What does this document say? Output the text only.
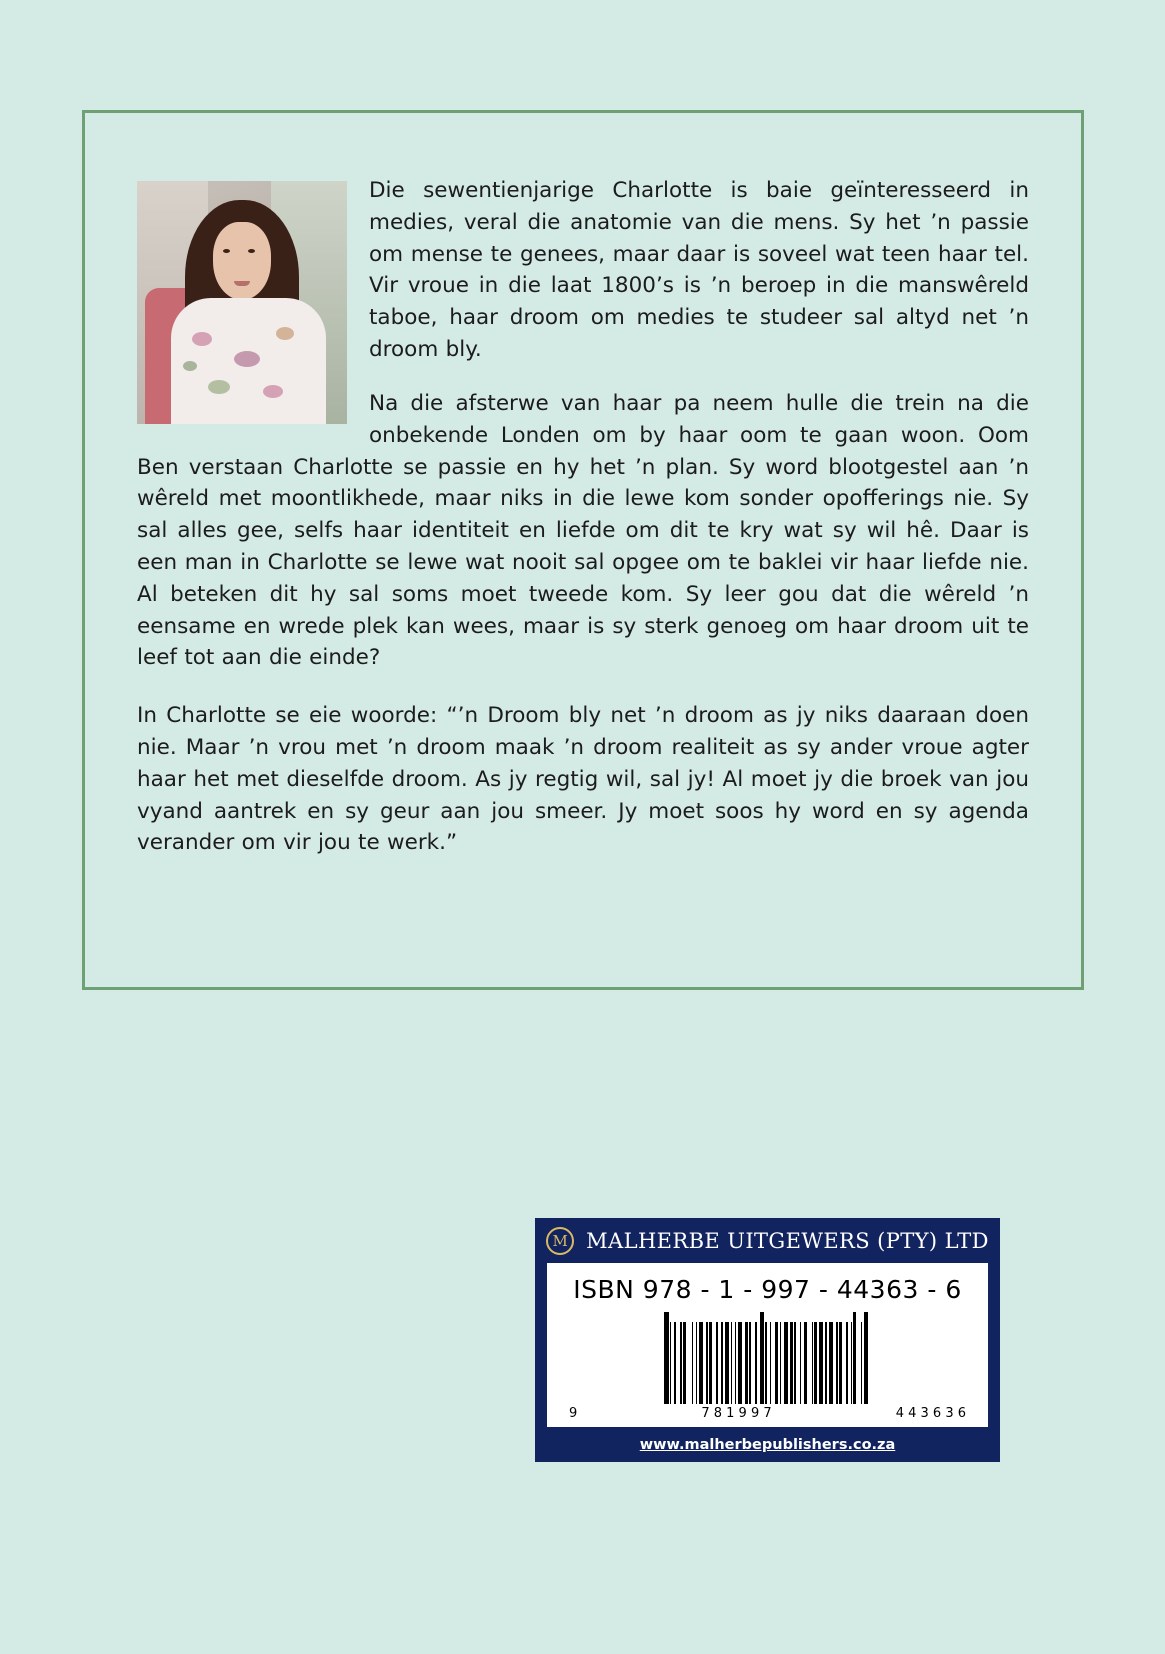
Die sewentienjarige Charlotte is baie geïnteresseerd in medies, veral die anatomie van die mens. Sy het ’n passie om mense te genees, maar daar is soveel wat teen haar tel. Vir vroue in die laat 1800’s is ’n beroep in die manswêreld taboe, haar droom om medies te studeer sal altyd net ’n droom bly.

Na die afsterwe van haar pa neem hulle die trein na die onbekende Londen om by haar oom te gaan woon. Oom Ben verstaan Charlotte se passie en hy het ’n plan. Sy word blootgestel aan ’n wêreld met moontlikhede, maar niks in die lewe kom sonder opofferings nie. Sy sal alles gee, selfs haar identiteit en liefde om dit te kry wat sy wil hê. Daar is een man in Charlotte se lewe wat nooit sal opgee om te baklei vir haar liefde nie. Al beteken dit hy sal soms moet tweede kom. Sy leer gou dat die wêreld ’n eensame en wrede plek kan wees, maar is sy sterk genoeg om haar droom uit te leef tot aan die einde?

In Charlotte se eie woorde: “’n Droom bly net ’n droom as jy niks daaraan doen nie. Maar ’n vrou met ’n droom maak ’n droom realiteit as sy ander vroue agter haar het met dieselfde droom. As jy regtig wil, sal jy! Al moet jy die broek van jou vyand aantrek en sy geur aan jou smeer. Jy moet soos hy word en sy agenda verander om vir jou te werk.”

M MALHERBE UITGEWERS (PTY) LTD
ISBN 978 - 1 - 997 - 44363 - 6
9	7 8 1 9 9 7	4 4 3 6 3 6
www.malherbepublishers.co.za
